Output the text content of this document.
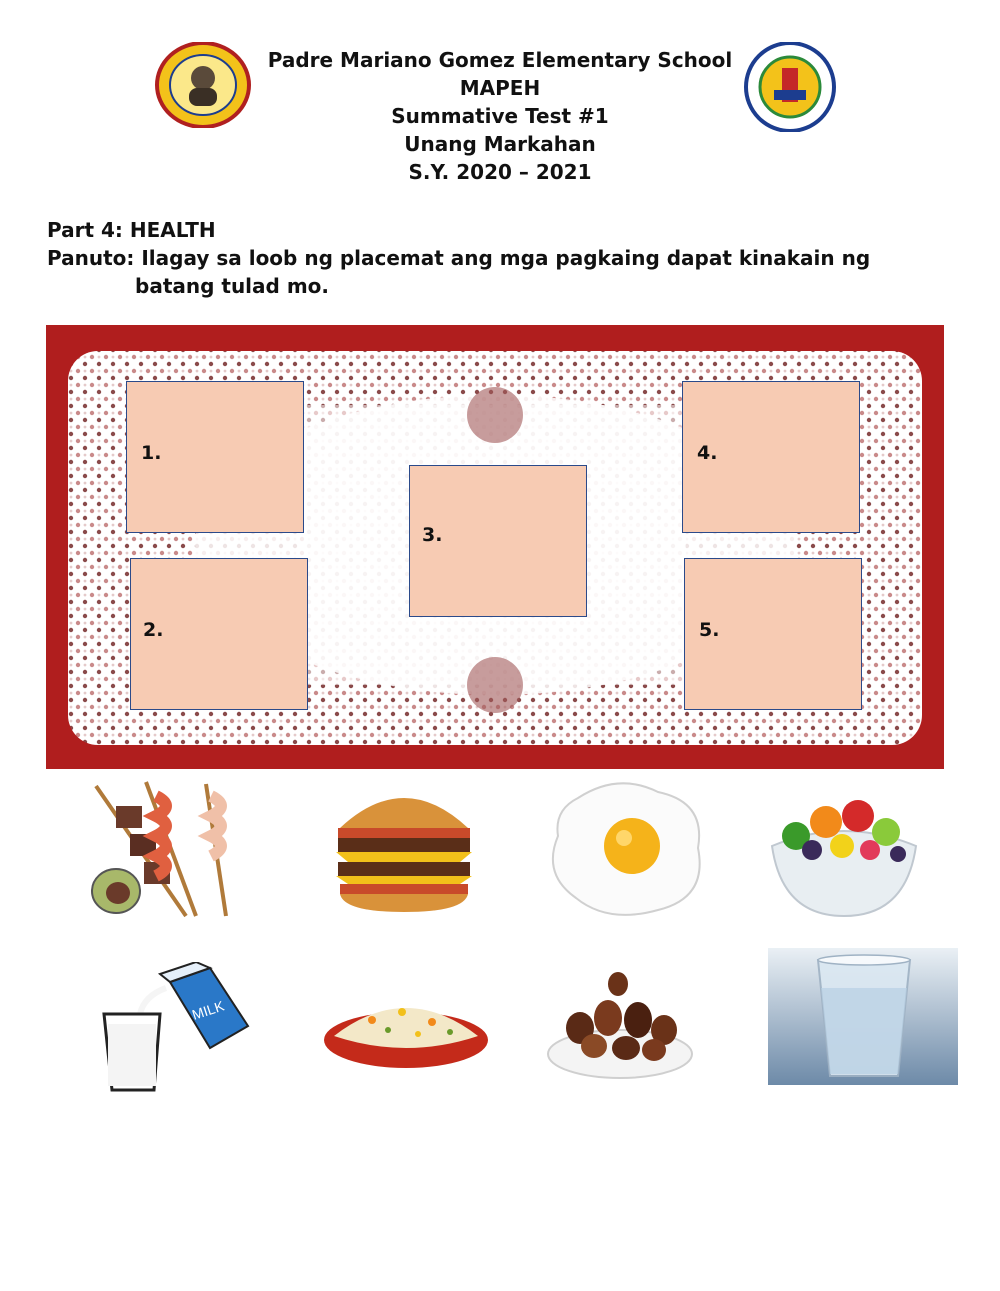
Padre Mariano Gomez Elementary School
MAPEH
Summative Test #1
Unang Markahan
S.Y. 2020 – 2021
Part 4: HEALTH
Panuto: Ilagay sa loob ng placemat ang mga pagkaing dapat kinakain ng
batang tulad mo.
1.
2.
3.
4.
5.
MILK
